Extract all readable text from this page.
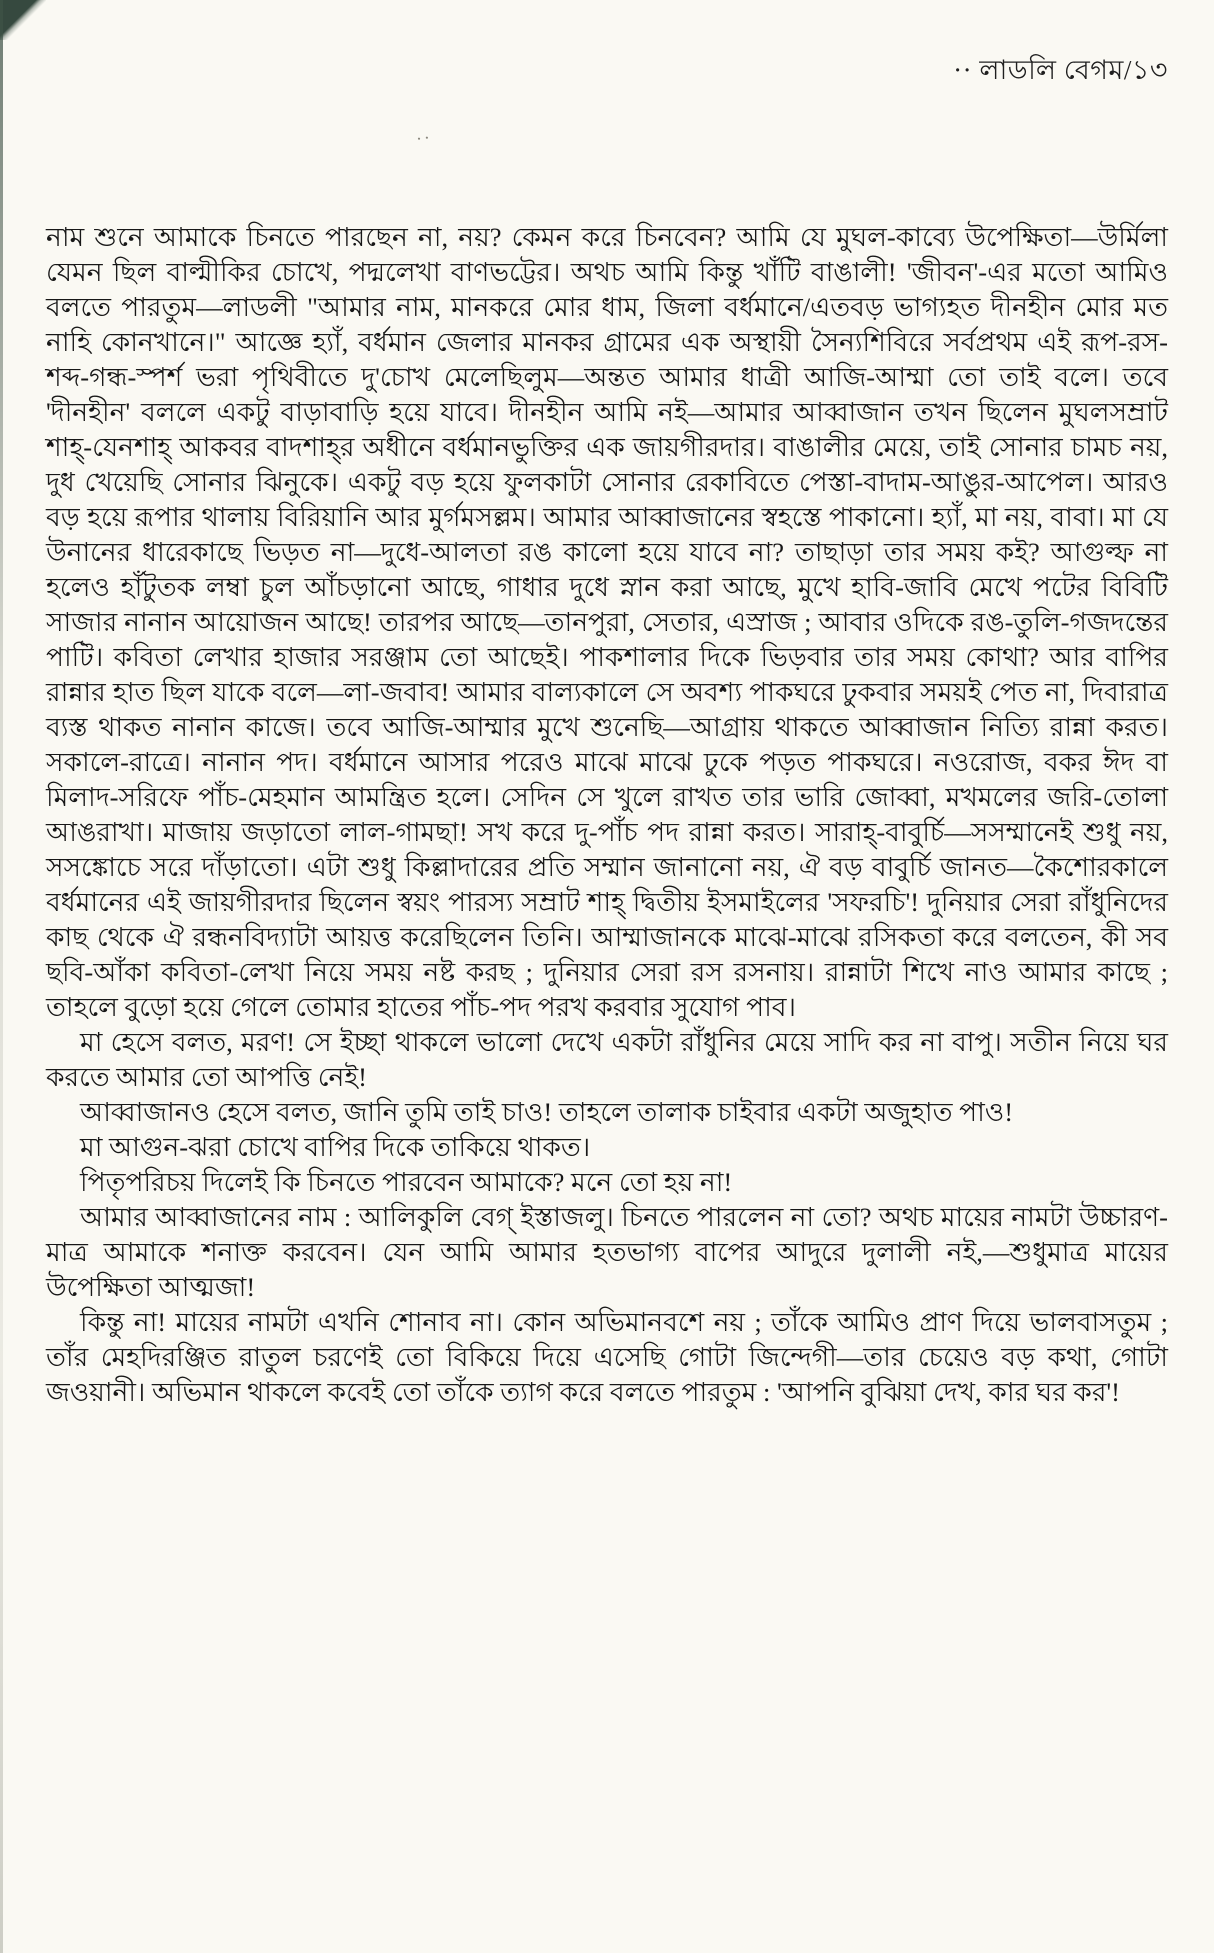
··
·· লাডলি বেগম/১৩

নাম শুনে আমাকে চিনতে পারছেন না, নয়? কেমন করে চিনবেন? আমি যে মুঘল-কাব্যে উপেক্ষিতা—উর্মিলা যেমন ছিল বাল্মীকির চোখে, পদ্মলেখা বাণভট্টের। অথচ আমি কিন্তু খাঁটি বাঙালী! 'জীবন'-এর মতো আমিও বলতে পারতুম—লাডলী "আমার নাম, মানকরে মোর ধাম, জিলা বর্ধমানে/এতবড় ভাগ্যহত দীনহীন মোর মত নাহি কোনখানে।" আজ্ঞে হ্যাঁ, বর্ধমান জেলার মানকর গ্রামের এক অস্থায়ী সৈন্যশিবিরে সর্বপ্রথম এই রূপ-রস-শব্দ-গন্ধ-স্পর্শ ভরা পৃথিবীতে দু'চোখ মেলেছিলুম—অন্তত আমার ধাত্রী আজি-আম্মা তো তাই বলে। তবে 'দীনহীন' বললে একটু বাড়াবাড়ি হয়ে যাবে। দীনহীন আমি নই—আমার আব্বাজান তখন ছিলেন মুঘলসম্রাট শাহ্‌-যেনশাহ্‌ আকবর বাদশাহ্‌র অধীনে বর্ধমানভুক্তির এক জায়গীরদার। বাঙালীর মেয়ে, তাই সোনার চামচ নয়, দুধ খেয়েছি সোনার ঝিনুকে। একটু বড় হয়ে ফুলকাটা সোনার রেকাবিতে পেস্তা-বাদাম-আঙুর-আপেল। আরও বড় হয়ে রূপার থালায় বিরিয়ানি আর মুর্গমসল্লম। আমার আব্বাজানের স্বহস্তে পাকানো। হ্যাঁ, মা নয়, বাবা। মা যে উনানের ধারেকাছে ভিড়ত না—দুধে-আলতা রঙ কালো হয়ে যাবে না? তাছাড়া তার সময় কই? আগুল্ফ না হলেও হাঁটুতক লম্বা চুল আঁচড়ানো আছে, গাধার দুধে স্নান করা আছে, মুখে হাবি-জাবি মেখে পটের বিবিটি সাজার নানান আয়োজন আছে! তারপর আছে—তানপুরা, সেতার, এস্রাজ ; আবার ওদিকে রঙ-তুলি-গজদন্তের পাটি। কবিতা লেখার হাজার সরঞ্জাম তো আছেই। পাকশালার দিকে ভিড়বার তার সময় কোথা? আর বাপির রান্নার হাত ছিল যাকে বলে—লা-জবাব! আমার বাল্যকালে সে অবশ্য পাকঘরে ঢুকবার সময়ই পেত না, দিবারাত্র ব্যস্ত থাকত নানান কাজে। তবে আজি-আম্মার মুখে শুনেছি—আগ্রায় থাকতে আব্বাজান নিত্যি রান্না করত। সকালে-রাত্রে। নানান পদ। বর্ধমানে আসার পরেও মাঝে মাঝে ঢুকে পড়ত পাকঘরে। নওরোজ, বকর ঈদ বা মিলাদ-সরিফে পাঁচ-মেহমান আমন্ত্রিত হলে। সেদিন সে খুলে রাখত তার ভারি জোব্বা, মখমলের জরি-তোলা আঙরাখা। মাজায় জড়াতো লাল-গামছা! সখ করে দু-পাঁচ পদ রান্না করত। সারাহ্‌-বাবুর্চি—সসম্মানেই শুধু নয়, সসঙ্কোচে সরে দাঁড়াতো। এটা শুধু কিল্লাদারের প্রতি সম্মান জানানো নয়, ঐ বড় বাবুর্চি জানত—কৈশোরকালে বর্ধমানের এই জায়গীরদার ছিলেন স্বয়ং পারস্য সম্রাট শাহ্‌ দ্বিতীয় ইসমাইলের 'সফরচি'! দুনিয়ার সেরা রাঁধুনিদের কাছ থেকে ঐ রন্ধনবিদ্যাটা আয়ত্ত করেছিলেন তিনি। আম্মাজানকে মাঝে-মাঝে রসিকতা করে বলতেন, কী সব ছবি-আঁকা কবিতা-লেখা নিয়ে সময় নষ্ট করছ ; দুনিয়ার সেরা রস রসনায়। রান্নাটা শিখে নাও আমার কাছে ; তাহলে বুড়ো হয়ে গেলে তোমার হাতের পাঁচ-পদ পরখ করবার সুযোগ পাব।

মা হেসে বলত, মরণ! সে ইচ্ছা থাকলে ভালো দেখে একটা রাঁধুনির মেয়ে সাদি কর না বাপু। সতীন নিয়ে ঘর করতে আমার তো আপত্তি নেই!

আব্বাজানও হেসে বলত, জানি তুমি তাই চাও! তাহলে তালাক চাইবার একটা অজুহাত পাও!

মা আগুন-ঝরা চোখে বাপির দিকে তাকিয়ে থাকত।

পিতৃপরিচয় দিলেই কি চিনতে পারবেন আমাকে? মনে তো হয় না!

আমার আব্বাজানের নাম : আলিকুলি বেগ্‌ ইস্তাজলু। চিনতে পারলেন না তো? অথচ মায়ের নামটা উচ্চারণ-মাত্র আমাকে শনাক্ত করবেন। যেন আমি আমার হতভাগ্য বাপের আদুরে দুলালী নই,—শুধুমাত্র মায়ের উপেক্ষিতা আত্মজা!

কিন্তু না! মায়ের নামটা এখনি শোনাব না। কোন অভিমানবশে নয় ; তাঁকে আমিও প্রাণ দিয়ে ভালবাসতুম ; তাঁর মেহদিরঞ্জিত রাতুল চরণেই তো বিকিয়ে দিয়ে এসেছি গোটা জিন্দেগী—তার চেয়েও বড় কথা, গোটা জওয়ানী। অভিমান থাকলে কবেই তো তাঁকে ত্যাগ করে বলতে পারতুম : 'আপনি বুঝিয়া দেখ, কার ঘর কর'!
